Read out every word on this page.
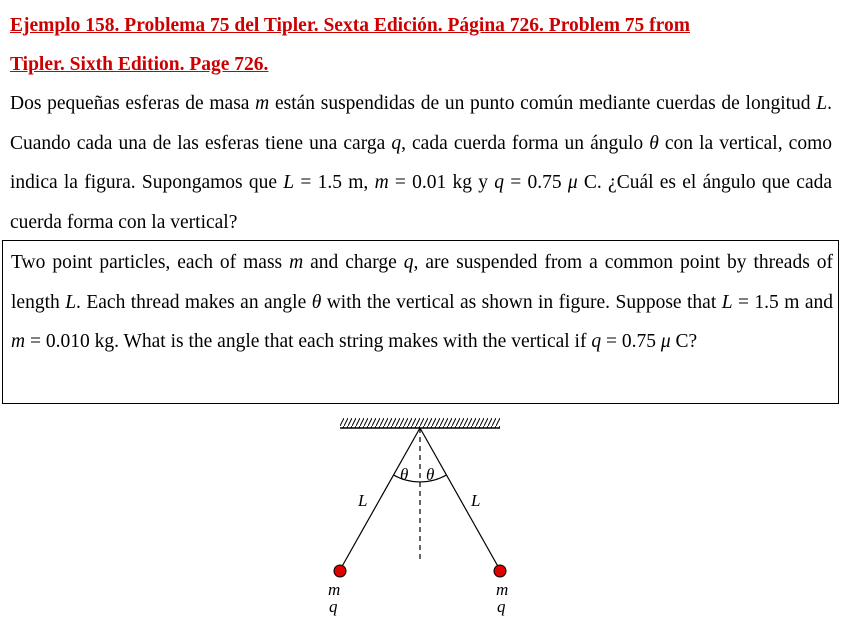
Ejemplo 158. Problema 75 del Tipler. Sexta Edición. Página 726. Problem 75 from
Tipler. Sixth Edition. Page 726.
Dos pequeñas esferas de masa m están suspendidas de un punto común mediante cuerdas de longitud L. Cuando cada una de las esferas tiene una carga q, cada cuerda forma un ángulo θ con la vertical, como indica la figura. Supongamos que L = 1.5 m, m = 0.01 kg y q = 0.75 μ C. ¿Cuál es el ángulo que cada cuerda forma con la vertical?
Two point particles, each of mass m and charge q, are suspended from a common point by threads of length L. Each thread makes an angle θ with the vertical as shown in figure. Suppose that L = 1.5 m and m = 0.010 kg. What is the angle that each string makes with the vertical if q = 0.75 μ C?
θ θ
L	L
m
q
m
q
